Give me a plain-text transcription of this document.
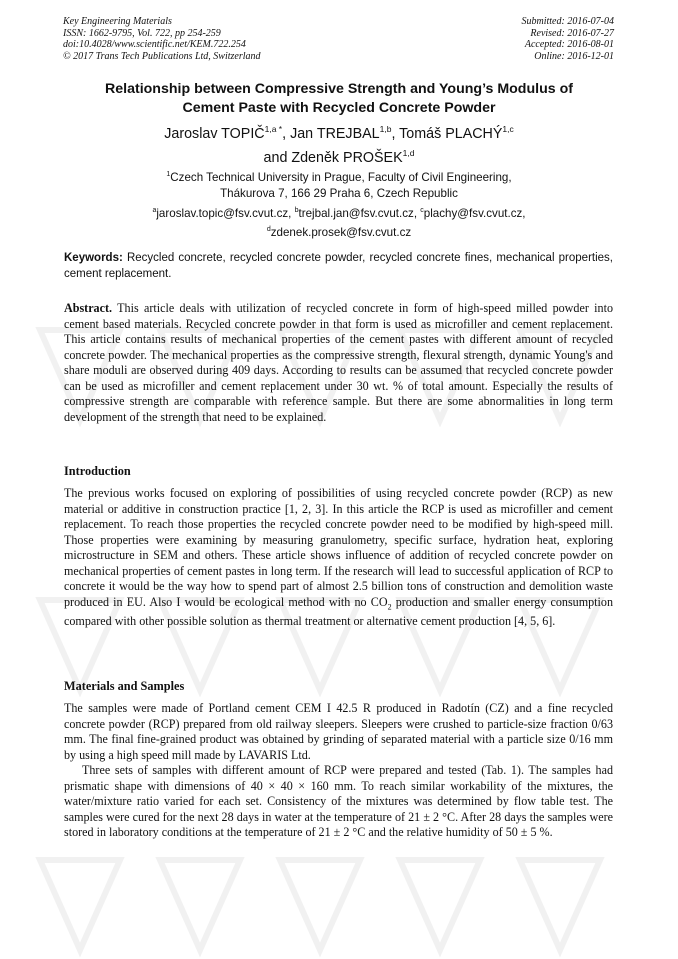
Key Engineering Materials
ISSN: 1662-9795, Vol. 722, pp 254-259
doi:10.4028/www.scientific.net/KEM.722.254
© 2017 Trans Tech Publications Ltd, Switzerland
Submitted: 2016-07-04
Revised: 2016-07-27
Accepted: 2016-08-01
Online: 2016-12-01
Relationship between Compressive Strength and Young’s Modulus of
Cement Paste with Recycled Concrete Powder
Jaroslav $TOPIČ^{1,a *}$, Jan TREJBAL$^{1,b}$, Tomáš PLACHÝ$^{1,c}$
and Zdeněk PROŠEK$^{1,d}$
$^1$Czech Technical University in Prague, Faculty of Civil Engineering,
Thákurova 7, 166 29 Praha 6, Czech Republic
$^a$jaroslav.topic@fsv.cvut.cz, $^b$trejbal.jan@fsv.cvut.cz, $^c$plachy@fsv.cvut.cz,
$^d$zdenek.prosek@fsv.cvut.cz
Keywords: Recycled concrete, recycled concrete powder, recycled concrete fines, mechanical properties, cement replacement.
Abstract. This article deals with utilization of recycled concrete in form of high-speed milled powder into cement based materials. Recycled concrete powder in that form is used as microfiller and cement replacement. This article contains results of mechanical properties of the cement pastes with different amount of recycled concrete powder. The mechanical properties as the compressive strength, flexural strength, dynamic Young's and share moduli are observed during 409 days. According to results can be assumed that recycled concrete powder can be used as microfiller and cement replacement under 30 wt. % of total amount. Especially the results of compressive strength are comparable with reference sample. But there are some abnormalities in long term development of the strength that need to be explained.
Introduction
The previous works focused on exploring of possibilities of using recycled concrete powder (RCP) as new material or additive in construction practice [1, 2, 3]. In this article the RCP is used as microfiller and cement replacement. To reach those properties the recycled concrete powder need to be modified by high-speed mill. Those properties were examining by measuring granulometry, specific surface, hydration heat, exploring microstructure in SEM and others. These article shows influence of addition of recycled concrete powder on mechanical properties of cement pastes in long term. If the research will lead to successful application of RCP to concrete it would be the way how to spend part of almost 2.5 billion tons of construction and demolition waste produced in EU. Also I would be ecological method with no $CO_2$ production and smaller energy consumption compared with other possible solution as thermal treatment or alternative cement production [4, 5, 6].
Materials and Samples
The samples were made of Portland cement CEM I 42.5 R produced in Radotín (CZ) and a fine recycled concrete powder (RCP) prepared from old railway sleepers. Sleepers were crushed to particle-size fraction 0/63 mm. The final fine-grained product was obtained by grinding of separated material with a particle size 0/16 mm by using a high speed mill made by LAVARIS Ltd.
Three sets of samples with different amount of RCP were prepared and tested (Tab. 1). The samples had prismatic shape with dimensions of 40 × 40 × 160 mm. To reach similar workability of the mixtures, the water/mixture ratio varied for each set. Consistency of the mixtures was determined by flow table test. The samples were cured for the next 28 days in water at the temperature of 21 ± 2 °C. After 28 days the samples were stored in laboratory conditions at the temperature of 21 ± 2 °C and the relative humidity of 50 ± 5 %.
